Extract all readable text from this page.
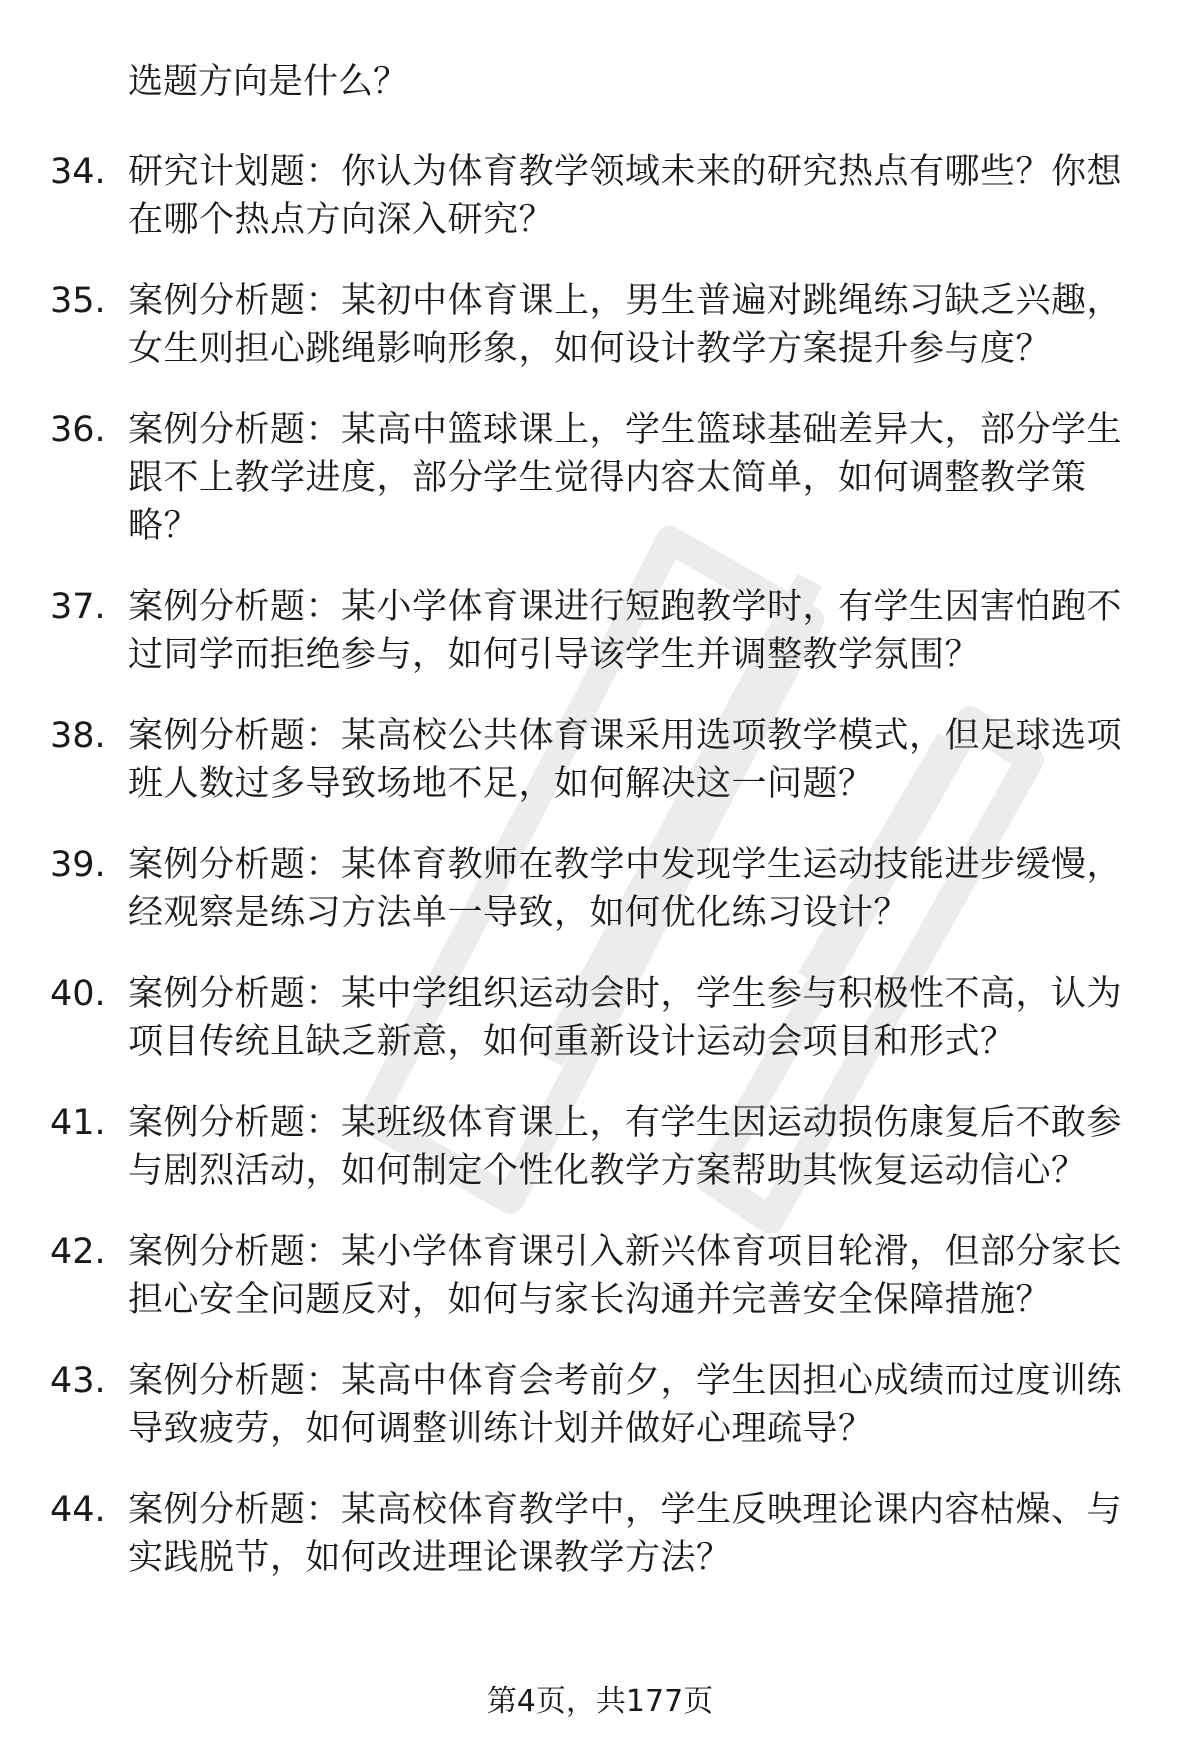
选题方向是什么？
34. 研究计划题：你认为体育教学领域未来的研究热点有哪些？你想在哪个热点方向深入研究？
35. 案例分析题：某初中体育课上，男生普遍对跳绳练习缺乏兴趣，女生则担心跳绳影响形象，如何设计教学方案提升参与度？
36. 案例分析题：某高中篮球课上，学生篮球基础差异大，部分学生跟不上教学进度，部分学生觉得内容太简单，如何调整教学策略？
37. 案例分析题：某小学体育课进行短跑教学时，有学生因害怕跑不过同学而拒绝参与，如何引导该学生并调整教学氛围？
38. 案例分析题：某高校公共体育课采用选项教学模式，但足球选项班人数过多导致场地不足，如何解决这一问题？
39. 案例分析题：某体育教师在教学中发现学生运动技能进步缓慢，经观察是练习方法单一导致，如何优化练习设计？
40. 案例分析题：某中学组织运动会时，学生参与积极性不高，认为项目传统且缺乏新意，如何重新设计运动会项目和形式？
41. 案例分析题：某班级体育课上，有学生因运动损伤康复后不敢参与剧烈活动，如何制定个性化教学方案帮助其恢复运动信心？
42. 案例分析题：某小学体育课引入新兴体育项目轮滑，但部分家长担心安全问题反对，如何与家长沟通并完善安全保障措施？
43. 案例分析题：某高中体育会考前夕，学生因担心成绩而过度训练导致疲劳，如何调整训练计划并做好心理疏导？
44. 案例分析题：某高校体育教学中，学生反映理论课内容枯燥、与实践脱节，如何改进理论课教学方法？
第4页，共177页
